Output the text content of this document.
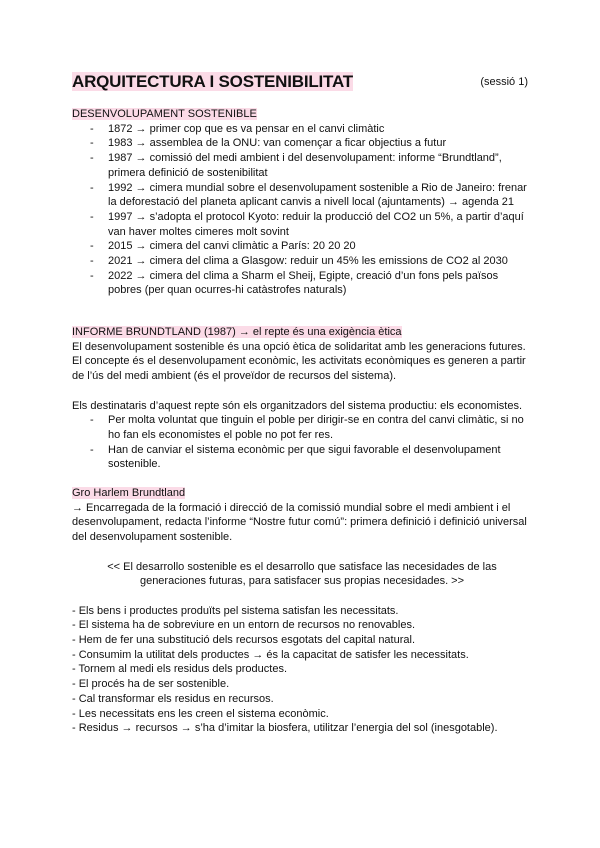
ARQUITECTURA I SOSTENIBILITAT	(sessió 1)
DESENVOLUPAMENT SOSTENIBLE
- 1872 → primer cop que es va pensar en el canvi climàtic
- 1983 → assemblea de la ONU: van començar a ficar objectius a futur
- 1987 → comissió del medi ambient i del desenvolupament: informe “Brundtland”, primera definició de sostenibilitat
- 1992 → cimera mundial sobre el desenvolupament sostenible a Rio de Janeiro: frenar la deforestació del planeta aplicant canvis a nivell local (ajuntaments) → agenda 21
- 1997 → s’adopta el protocol Kyoto: reduir la producció del CO2 un 5%, a partir d’aquí van haver moltes cimeres molt sovint
- 2015 → cimera del canvi climàtic a París: 20 20 20
- 2021 → cimera del clima a Glasgow: reduir un 45% les emissions de CO2 al 2030
- 2022 → cimera del clima a Sharm el Sheij, Egipte, creació d’un fons pels països pobres (per quan ocurres-hi catàstrofes naturals)
INFORME BRUNDTLAND (1987) → el repte és una exigència ètica
El desenvolupament sostenible és una opció ètica de solidaritat amb les generacions futures. El concepte és el desenvolupament econòmic, les activitats econòmiques es generen a partir de l’ús del medi ambient (és el proveïdor de recursos del sistema).
Els destinataris d’aquest repte són els organitzadors del sistema productiu: els economistes.
- Per molta voluntat que tinguin el poble per dirigir-se en contra del canvi climàtic, si no ho fan els economistes el poble no pot fer res.
- Han de canviar el sistema econòmic per que sigui favorable el desenvolupament sostenible.
Gro Harlem Brundtland
→ Encarregada de la formació i direcció de la comissió mundial sobre el medi ambient i el desenvolupament, redacta l’informe “Nostre futur comú”: primera definició i definició universal del desenvolupament sostenible.
<< El desarrollo sostenible es el desarrollo que satisface las necesidades de las generaciones futuras, para satisfacer sus propias necesidades. >>
- Els bens i productes produïts pel sistema satisfan les necessitats.
- El sistema ha de sobreviure en un entorn de recursos no renovables.
- Hem de fer una substitució dels recursos esgotats del capital natural.
- Consumim la utilitat dels productes → és la capacitat de satisfer les necessitats.
- Tornem al medi els residus dels productes.
- El procés ha de ser sostenible.
- Cal transformar els residus en recursos.
- Les necessitats ens les creen el sistema econòmic.
- Residus → recursos → s’ha d’imitar la biosfera, utilitzar l’energia del sol (inesgotable).
